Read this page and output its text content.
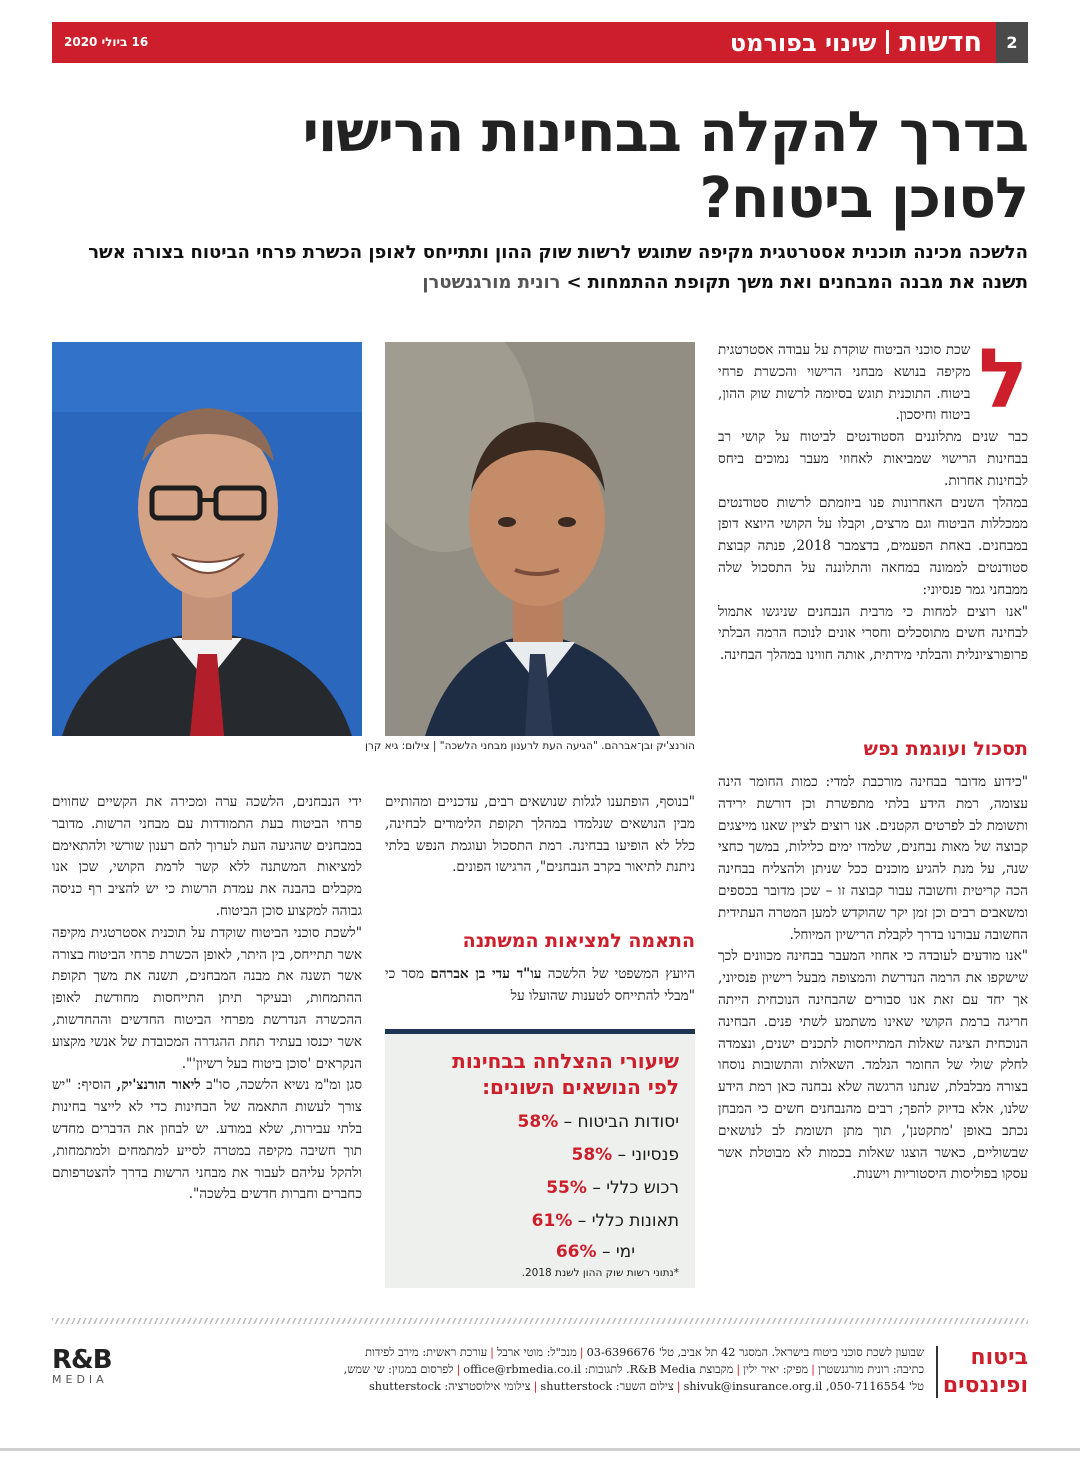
חדשותשינוי בפורמט
16 ביולי 2020	2
בדרך להקלה בבחינות הרישוי
לסוכן ביטוח?
הלשכה מכינה תוכנית אסטרטגית מקיפה שתוגש לרשות שוק ההון ותתייחס לאופן הכשרת פרחי הביטוח בצורה אשר תשנה את מבנה המבחנים ואת משך תקופת ההתמחות>רונית מורגנשטרן
הורנצ'יק ובן־אברהם. "הגיעה העת לרענון מבחני הלשכה" | צילום: גיא קרן
ל

שכת סוכני הביטוח שוקדת על עבודה אסטרטגית מקיפה בנושא מבחני הרישוי והכשרת פרחי ביטוח. התוכנית תוגש בסיומה לרשות שוק ההון, ביטוח וחיסכון.

כבר שנים מתלוננים הסטודנטים לביטוח על קושי רב בבחינות הרישוי שמביאות לאחוזי מעבר נמוכים ביחס לבחינות אחרות.

במהלך השנים האחרונות פנו ביוזמתם לרשות סטודנטים ממכללות הביטוח וגם מרצים, וקבלו על הקושי היוצא דופן במבחנים. באחת הפעמים, בדצמבר 2018, פנתה קבוצת סטודנטים לממונה במחאה והתלוננה על התסכול שלה ממבחני גמר פנסיוני:

"אנו רוצים למחות כי מרבית הנבחנים שניגשו אתמול לבחינה חשים מתוסכלים וחסרי אונים לנוכח הרמה הבלתי פרופורציונלית והבלתי מידתית, אותה חווינו במהלך הבחינה.

תסכול ועוגמת נפש

"כידוע מדובר בבחינה מורכבת למדי: כמות החומר הינה עצומה, רמת הידע בלתי מתפשרת וכן דורשת ירידה ותשומת לב לפרטים הקטנים. אנו רוצים לציין שאנו מייצגים קבוצה של מאות נבחנים, שלמדו ימים כלילות, במשך כחצי שנה, על מנת להגיע מוכנים ככל שניתן ולהצליח בבחינה הכה קריטית וחשובה עבור קבוצה זו – שכן מדובר בכספים ומשאבים רבים וכן זמן יקר שהוקדש למען המטרה העתידית החשובה עבורנו בדרך לקבלת הרישיון המיוחל.

"אנו מודעים לעובדה כי אחוזי המעבר בבחינה מכוונים לכך שישקפו את הרמה הנדרשת והמצופה מבעל רישיון פנסיוני, אך יחד עם זאת אנו סבורים שהבחינה הנוכחית הייתה חריגה ברמת הקושי שאינו משתמע לשתי פנים. הבחינה הנוכחית הציגה שאלות המתייחסות לתכנים ישנים, ונצמדה לחלק שולי של החומר הנלמד. השאלות והתשובות נוסחו בצורה מבלבלת, שנתנו הרגשה שלא נבחנה כאן רמת הידע שלנו, אלא בדיוק להפך; רבים מהנבחנים חשים כי המבחן נכתב באופן 'מתקטנן', תוך מתן תשומת לב לנושאים שבשוליים, כאשר הוצגו שאלות בכמות לא מבוטלת אשר עסקו בפוליסות היסטוריות וישנות.

"בנוסף, הופתענו לגלות שנושאים רבים, עדכניים ומהותיים מבין הנושאים שנלמדו במהלך תקופת הלימודים לבחינה, כלל לא הופיעו בבחינה. רמת התסכול ועוגמת הנפש בלתי ניתנת לתיאור בקרב הנבחנים", הרגישו הפונים.

התאמה למציאות המשתנה

היועץ המשפטי של הלשכה עו"ד עדי בן אברהם מסר כי "מבלי להתייחס לטענות שהועלו על

שיעורי ההצלחה בבחינות
לפי הנושאים השונים:
יסודות הביטוח – 58%
פנסיוני – 58%
רכוש כללי – 55%
תאונות כללי – 61%
ימי – 66%
*נתוני רשות שוק ההון לשנת 2018.

ידי הנבחנים, הלשכה ערה ומכירה את הקשיים שחווים פרחי הביטוח בעת התמודדות עם מבחני הרשות. מדובר במבחנים שהגיעה העת לערוך להם רענון שורשי ולהתאימם למציאות המשתנה ללא קשר לרמת הקושי, שכן אנו מקבלים בהבנה את עמדת הרשות כי יש להציב רף כניסה גבוהה למקצוע סוכן הביטוח.

"לשכת סוכני הביטוח שוקדת על תוכנית אסטרטגית מקיפה אשר תתייחס, בין היתר, לאופן הכשרת פרחי הביטוח בצורה אשר תשנה את מבנה המבחנים, תשנה את משך תקופת ההתמחות, ובעיקר תיתן התייחסות מחודשת לאופן ההכשרה הנדרשת מפרחי הביטוח החדשים וההחדשות, אשר יכנסו בעתיד תחת ההגדרה המכובדת של אנשי מקצוע הנקראים 'סוכן ביטוח בעל רשיון'".

סגן ומ"מ נשיא הלשכה, סו"ב ליאור הורנצ'יק, הוסיף: "יש צורך לעשות התאמה של הבחינות כדי לא לייצר בחינות בלתי עבירות, שלא במודע. יש לבחון את הדברים מחדש תוך חשיבה מקיפה במטרה לסייע למתמחים ולמתמחות, ולהקל עליהם לעבור את מבחני הרשות בדרך להצטרפותם כחברים וחברות חדשים בלשכה".

ביטוח
ופיננסים
שבועון לשכת סוכני ביטוח בישראל. המסגר 42 תל אביב, טל' 03-6396676|מנכ"ל: מוטי ארבל|עורכת ראשית: מירב לפידות
כתיבה: רונית מורגנשטרן|מפיק: יאיר ילין|מקבוצת R&B Media. לתגובות: office@rbmedia.co.il|לפרסום במגזין: שי שמש,
טל' 050-7116554, shivuk@insurance.org.il|צילום השער: shutterstock|צילומי אילוסטרציה: shutterstock
R&B
MEDIA
